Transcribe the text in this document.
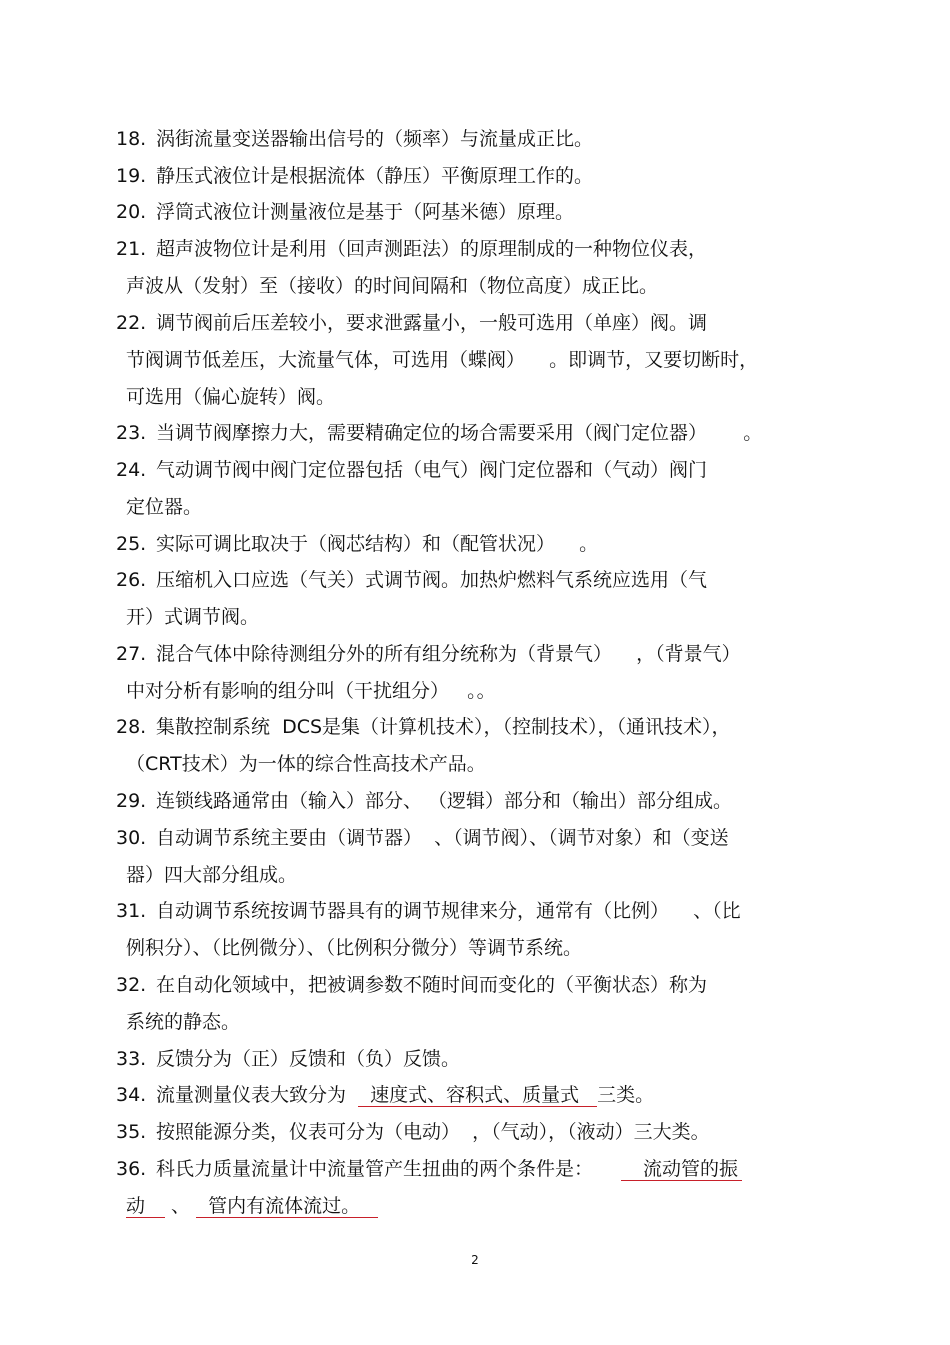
18. 涡街流量变送器输出信号的（频率）与流量成正比。
19. 静压式液位计是根据流体（静压）平衡原理工作的。
20. 浮筒式液位计测量液位是基于（阿基米德）原理。
21. 超声波物位计是利用（回声测距法）的原理制成的一种物位仪表，
声波从（发射）至（接收）的时间间隔和（物位高度）成正比。
22. 调节阀前后压差较小，要求泄露量小，一般可选用（单座）阀。调
节阀调节低差压，大流量气体，可选用（蝶阀）    。即调节，又要切断时，
可选用（偏心旋转）阀。
23. 当调节阀摩擦力大，需要精确定位的场合需要采用（阀门定位器）      。
24. 气动调节阀中阀门定位器包括（电气）阀门定位器和（气动）阀门
定位器。
25. 实际可调比取决于（阀芯结构）和（配管状况）    。
26. 压缩机入口应选（气关）式调节阀。加热炉燃料气系统应选用（气
开）式调节阀。
27. 混合气体中除待测组分外的所有组分统称为（背景气）    ，（背景气）
中对分析有影响的组分叫（干扰组分）   。。
28. 集散控制系统  DCS是集（计算机技术），（控制技术），（通讯技术），
（CRT技术）为一体的综合性高技术产品。
29. 连锁线路通常由（输入）部分、 （逻辑）部分和（输出）部分组成。
30. 自动调节系统主要由（调节器）  、（调节阀）、（调节对象）和（变送
器）四大部分组成。
31. 自动调节系统按调节器具有的调节规律来分，通常有（比例）    、（比
例积分）、（比例微分）、（比例积分微分）等调节系统。
32. 在自动化领域中，把被调参数不随时间而变化的（平衡状态）称为
系统的静态。
33. 反馈分为（正）反馈和（负）反馈。
34. 流量测量仪表大致分为  速度式、容积式、质量式 三类。
35. 按照能源分类，仪表可分为（电动）  ，（气动），（液动）三大类。
36. 科氏力质量流量计中流量管产生扭曲的两个条件是：	流动管的振
动 、 管内有流体流过。
2
